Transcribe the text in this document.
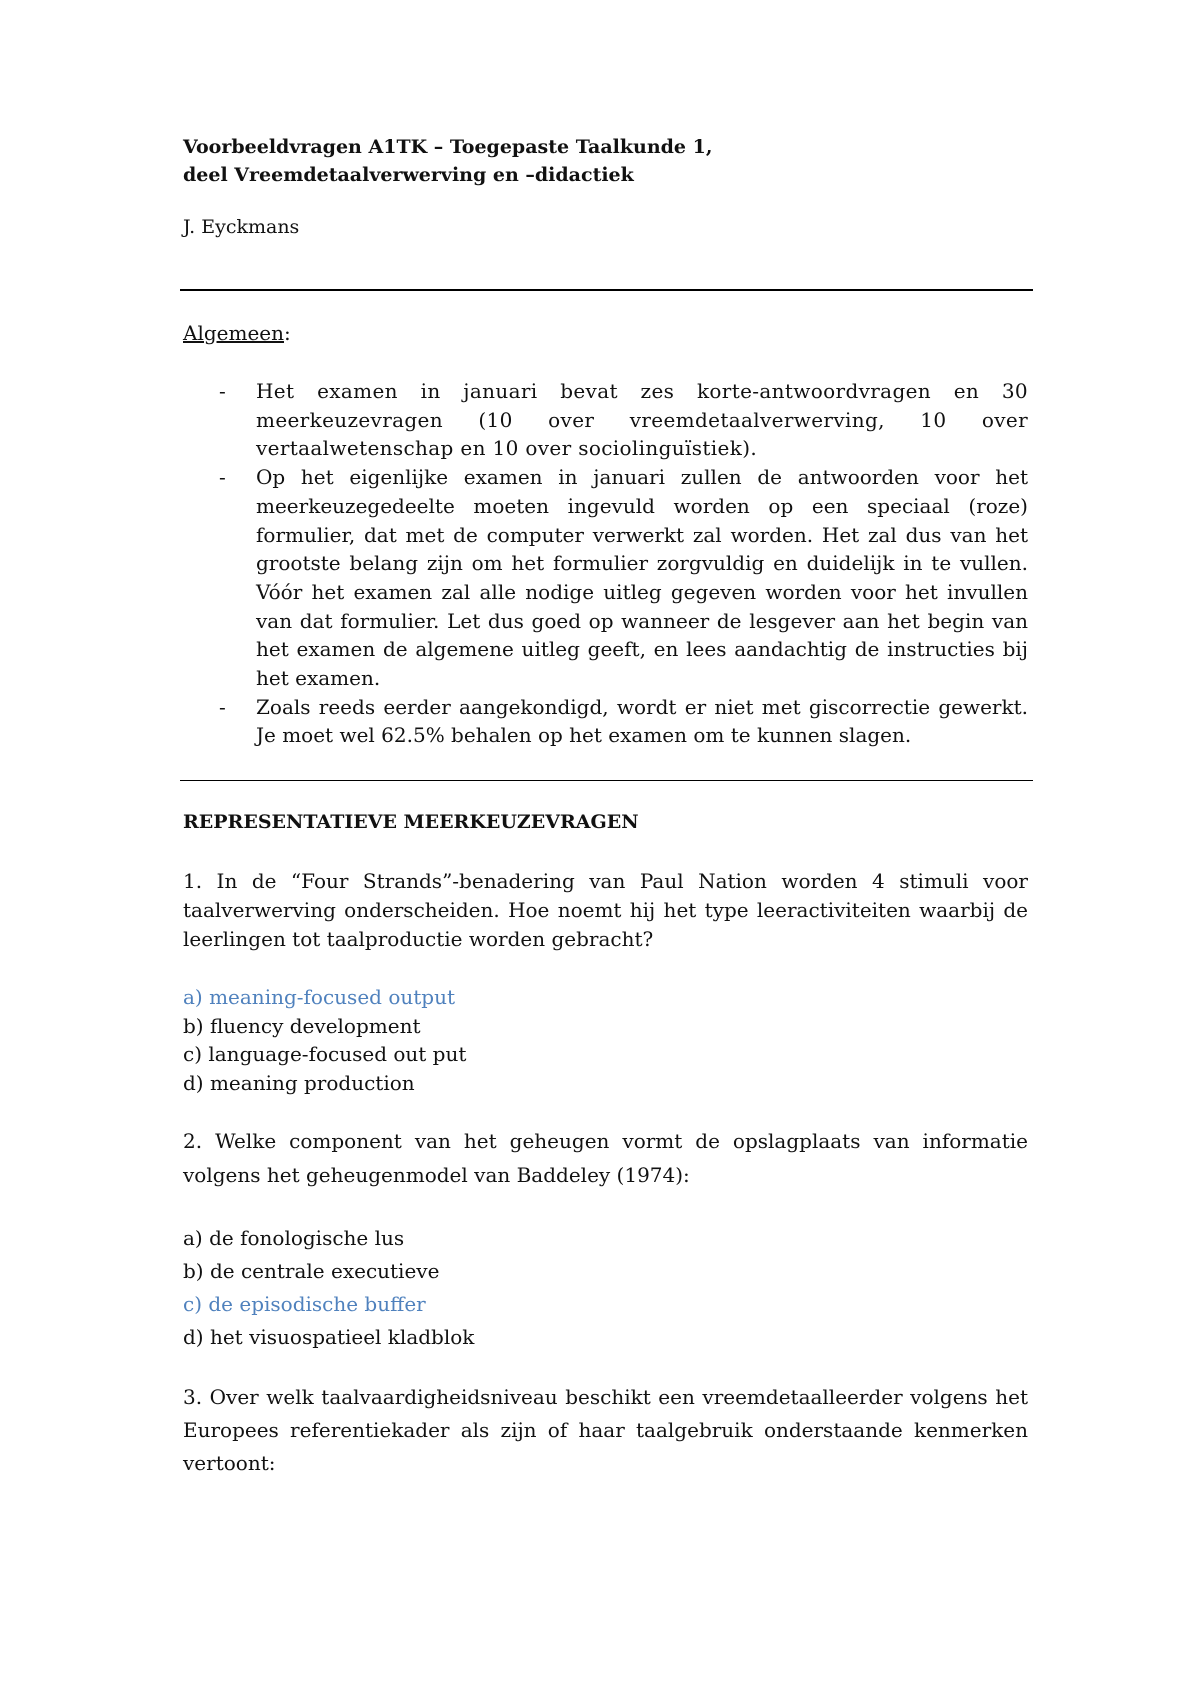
Voorbeeldvragen A1TK – Toegepaste Taalkunde 1,

deel Vreemdetaalverwerving en –didactiek

J. Eyckmans

Algemeen:

- Het examen in januari bevat zes korte-antwoordvragen en 30 meerkeuzevragen (10 over vreemdetaalverwerving, 10 over vertaalwetenschap en 10 over sociolinguïstiek).
- Op het eigenlijke examen in januari zullen de antwoorden voor het meerkeuzegedeelte moeten ingevuld worden op een speciaal (roze) formulier, dat met de computer verwerkt zal worden. Het zal dus van het grootste belang zijn om het formulier zorgvuldig en duidelijk in te vullen. Vóór het examen zal alle nodige uitleg gegeven worden voor het invullen van dat formulier. Let dus goed op wanneer de lesgever aan het begin van het examen de algemene uitleg geeft, en lees aandachtig de instructies bij het examen.
- Zoals reeds eerder aangekondigd, wordt er niet met giscorrectie gewerkt. Je moet wel 62.5% behalen op het examen om te kunnen slagen.

REPRESENTATIEVE MEERKEUZEVRAGEN

1. In de “Four Strands”-benadering van Paul Nation worden 4 stimuli voor taalverwerving onderscheiden. Hoe noemt hij het type leeractiviteiten waarbij de leerlingen tot taalproductie worden gebracht?

a) meaning-focused output
b) fluency development
c) language-focused out put
d) meaning production

2. Welke component van het geheugen vormt de opslagplaats van informatie volgens het geheugenmodel van Baddeley (1974):

a) de fonologische lus
b) de centrale executieve
c) de episodische buffer
d) het visuospatieel kladblok

3. Over welk taalvaardigheidsniveau beschikt een vreemdetaalleerder volgens het Europees referentiekader als zijn of haar taalgebruik onderstaande kenmerken vertoont:
